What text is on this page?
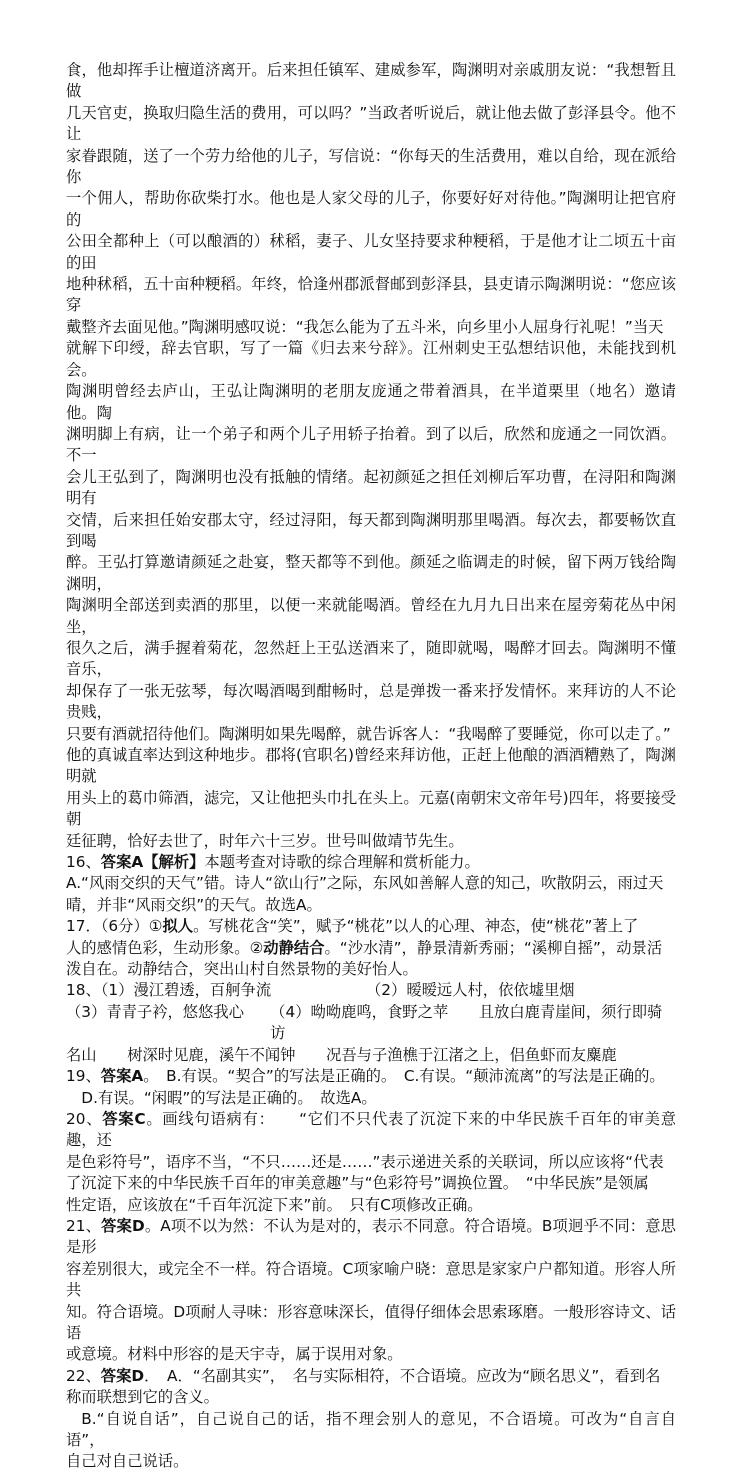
食，他却挥手让檀道济离开。后来担任镇军、建威参军，陶渊明对亲戚朋友说：“我想暂且做

几天官吏，换取归隐生活的费用，可以吗？”当政者听说后，就让他去做了彭泽县令。他不让

家眷跟随，送了一个劳力给他的儿子，写信说：“你每天的生活费用，难以自给，现在派给你

一个佣人，帮助你砍柴打水。他也是人家父母的儿子，你要好好对待他。”陶渊明让把官府的

公田全都种上（可以酿酒的）秫稻，妻子、儿女坚持要求种粳稻，于是他才让二顷五十亩的田

地种秫稻，五十亩种粳稻。年终，恰逢州郡派督邮到彭泽县，县吏请示陶渊明说：“您应该穿

戴整齐去面见他。”陶渊明感叹说：“我怎么能为了五斗米，向乡里小人屈身行礼呢！”当天

就解下印绶，辞去官职，写了一篇《归去来兮辞》。江州刺史王弘想结识他，未能找到机会。

陶渊明曾经去庐山，王弘让陶渊明的老朋友庞通之带着酒具，在半道栗里（地名）邀请他。陶

渊明脚上有病，让一个弟子和两个儿子用轿子抬着。到了以后，欣然和庞通之一同饮酒。不一

会儿王弘到了，陶渊明也没有抵触的情绪。起初颜延之担任刘柳后军功曹，在浔阳和陶渊明有

交情，后来担任始安郡太守，经过浔阳，每天都到陶渊明那里喝酒。每次去，都要畅饮直到喝

醉。王弘打算邀请颜延之赴宴，整天都等不到他。颜延之临调走的时候，留下两万钱给陶渊明，

陶渊明全部送到卖酒的那里，以便一来就能喝酒。曾经在九月九日出来在屋旁菊花丛中闲坐，

很久之后，满手握着菊花，忽然赶上王弘送酒来了，随即就喝，喝醉才回去。陶渊明不懂音乐，

却保存了一张无弦琴，每次喝酒喝到酣畅时，总是弹拨一番来抒发情怀。来拜访的人不论贵贱，

只要有酒就招待他们。陶渊明如果先喝醉，就告诉客人：“我喝醉了要睡觉，你可以走了。”

他的真诚直率达到这种地步。郡将(官职名)曾经来拜访他，正赶上他酿的酒酒糟熟了，陶渊明就

用头上的葛巾筛酒，滤完，又让他把头巾扎在头上。元嘉(南朝宋文帝年号)四年，将要接受朝

廷征聘，恰好去世了，时年六十三岁。世号叫做靖节先生。

16、答案A【解析】本题考查对诗歌的综合理解和赏析能力。

A.“风雨交织的天气”错。诗人“欲山行”之际，东风如善解人意的知己，吹散阴云，雨过天

晴，并非“风雨交织”的天气。故选A。

17．（6分）①拟人。写桃花含“笑”，赋予“桃花”以人的心理、神态，使“桃花”著上了

人的感情色彩，生动形象。②动静结合。“沙水清”，静景清新秀丽；“溪柳自摇”，动景活

泼自在。动静结合，突出山村自然景物的美好怡人。

18、（1）漫江碧透，百舸争流	（2）暧暧远人村，依依墟里烟
（3）青青子衿，悠悠我心	（4）呦呦鹿鸣，食野之苹　　且放白鹿青崖间，须行即骑访

名山　　树深时见鹿，溪午不闻钟　　况吾与子渔樵于江渚之上，侣鱼虾而友麋鹿

19、答案A。　B.有误。“契合”的写法是正确的。　C.有误。“颠沛流离”的写法是正确的。

D.有误。“闲暇”的写法是正确的。　故选A。

20、答案C。画线句语病有：　　“它们不只代表了沉淀下来的中华民族千百年的审美意趣，还

是色彩符号”，语序不当，“不只……还是……”表示递进关系的关联词，所以应该将“代表

了沉淀下来的中华民族千百年的审美意趣”与“色彩符号”调换位置。　“中华民族”是领属

性定语，应该放在“千百年沉淀下来”前。　只有C项修改正确。

21、答案D。A项不以为然：不认为是对的，表示不同意。符合语境。B项迥乎不同：意思是形

容差别很大，或完全不一样。符合语境。C项家喻户晓：意思是家家户户都知道。形容人所共

知。符合语境。D项耐人寻味：形容意味深长，值得仔细体会思索琢磨。一般形容诗文、话语

或意境。材料中形容的是天宇寺，属于误用对象。

22、答案D．　A．“名副其实”，　名与实际相符，不合语境。应改为“顾名思义”，看到名

称而联想到它的含义。

B.“自说自话”，自己说自己的话，指不理会别人的意见，不合语境。可改为“自言自语”，

自己对自己说话。
